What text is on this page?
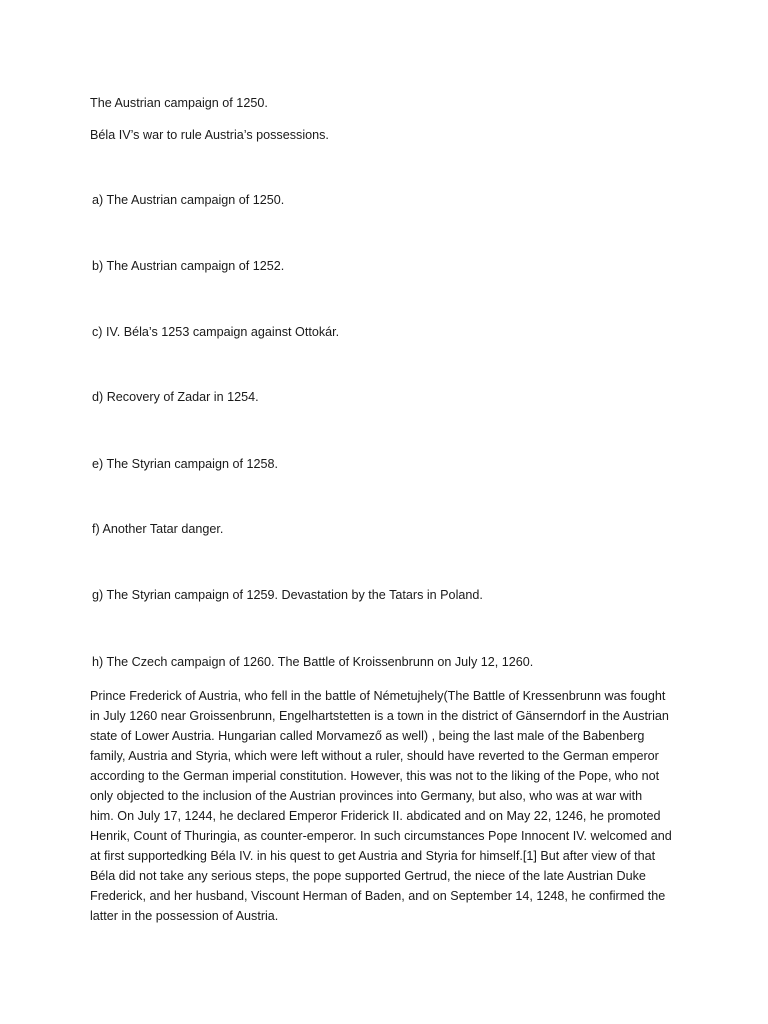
The Austrian campaign of 1250.
Béla IV’s war to rule Austria’s possessions.
a) The Austrian campaign of 1250.
b) The Austrian campaign of 1252.
c) IV. Béla’s 1253 campaign against Ottokár.
d) Recovery of Zadar in 1254.
e) The Styrian campaign of 1258.
f) Another Tatar danger.
g) The Styrian campaign of 1259. Devastation by the Tatars in Poland.
h) The Czech campaign of 1260. The Battle of Kroissenbrunn on July 12, 1260.
Prince Frederick of Austria, who fell in the battle of Németujhely(The Battle of Kressenbrunn was fought
in July 1260 near Groissenbrunn, Engelhartstetten is a town in the district of Gänserndorf in the Austrian
state of Lower Austria. Hungarian called Morvamező as well) , being the last male of the Babenberg
family, Austria and Styria, which were left without a ruler, should have reverted to the German emperor
according to the German imperial constitution. However, this was not to the liking of the Pope, who not
only objected to the inclusion of the Austrian provinces into Germany, but also, who was at war with
him. On July 17, 1244, he declared Emperor Friderick II. abdicated and on May 22, 1246, he promoted
Henrik, Count of Thuringia, as counter-emperor. In such circumstances Pope Innocent IV. welcomed and
at first supportedking Béla IV. in his quest to get Austria and Styria for himself.[1] But after view of that
Béla did not take any serious steps, the pope supported Gertrud, the niece of the late Austrian Duke
Frederick, and her husband, Viscount Herman of Baden, and on September 14, 1248, he confirmed the
latter in the possession of Austria.
